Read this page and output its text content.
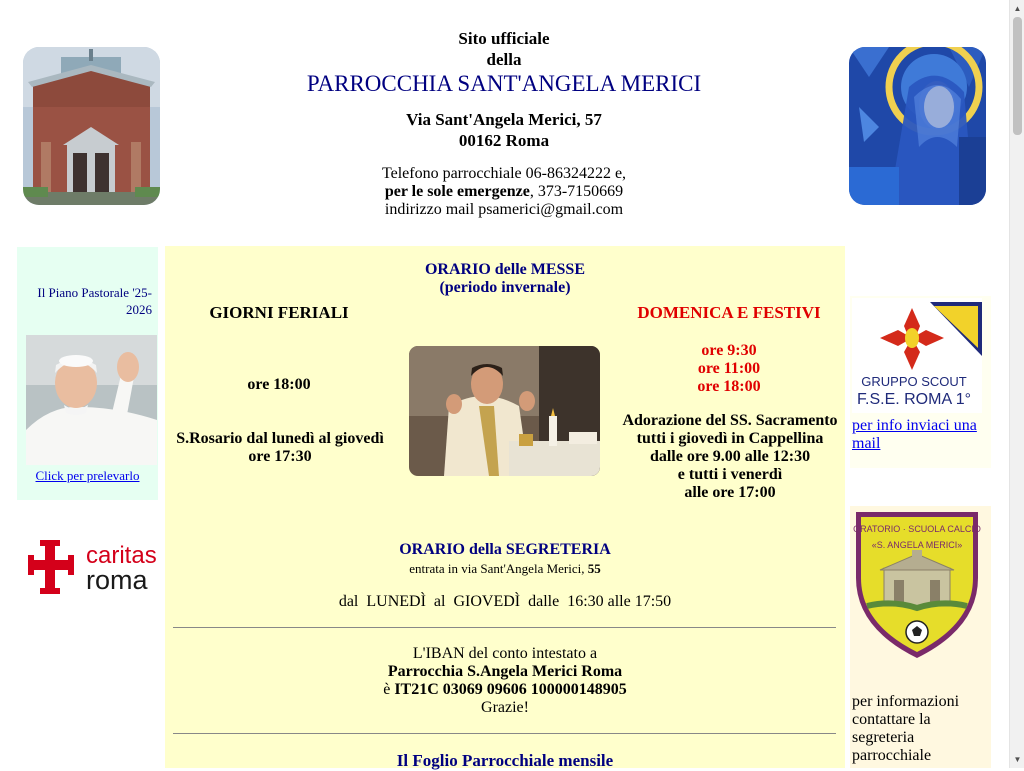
Sito ufficiale
della
PARROCCHIA SANT'ANGELA MERICI
Via Sant'Angela Merici, 57
00162 Roma
Telefono parrocchiale 06-86324222 e,
per le sole emergenze, 373-7150669
indirizzo mail psamerici@gmail.com
Il Piano Pastorale '25-2026
Click per prelevarlo
caritas
roma
ORARIO delle MESSE
(periodo invernale)
GIORNI FERIALI
ore 18:00
S.Rosario dal lunedì al giovedì
ore 17:30
DOMENICA E FESTIVI
ore 9:30
ore 11:00
ore 18:00
Adorazione del SS. Sacramento
tutti i giovedì in Cappellina
dalle ore 9.00 alle 12:30
e tutti i venerdì
alle ore 17:00
ORARIO della SEGRETERIA
entrata in via Sant'Angela Merici, 55
dal  LUNEDÌ  al  GIOVEDÌ  dalle  16:30 alle 17:50
L'IBAN del conto intestato a
Parrocchia S.Angela Merici Roma
è IT21C 03069 09606 100000148905
Grazie!
Il Foglio Parrocchiale mensile
GRUPPO SCOUT
F.S.E. ROMA 1°
per info inviaci una mail
ORATORIO · SCUOLA CALCIO
«S. ANGELA MERICI»
per informazioni contattare la segreteria parrocchiale
▲
▼
